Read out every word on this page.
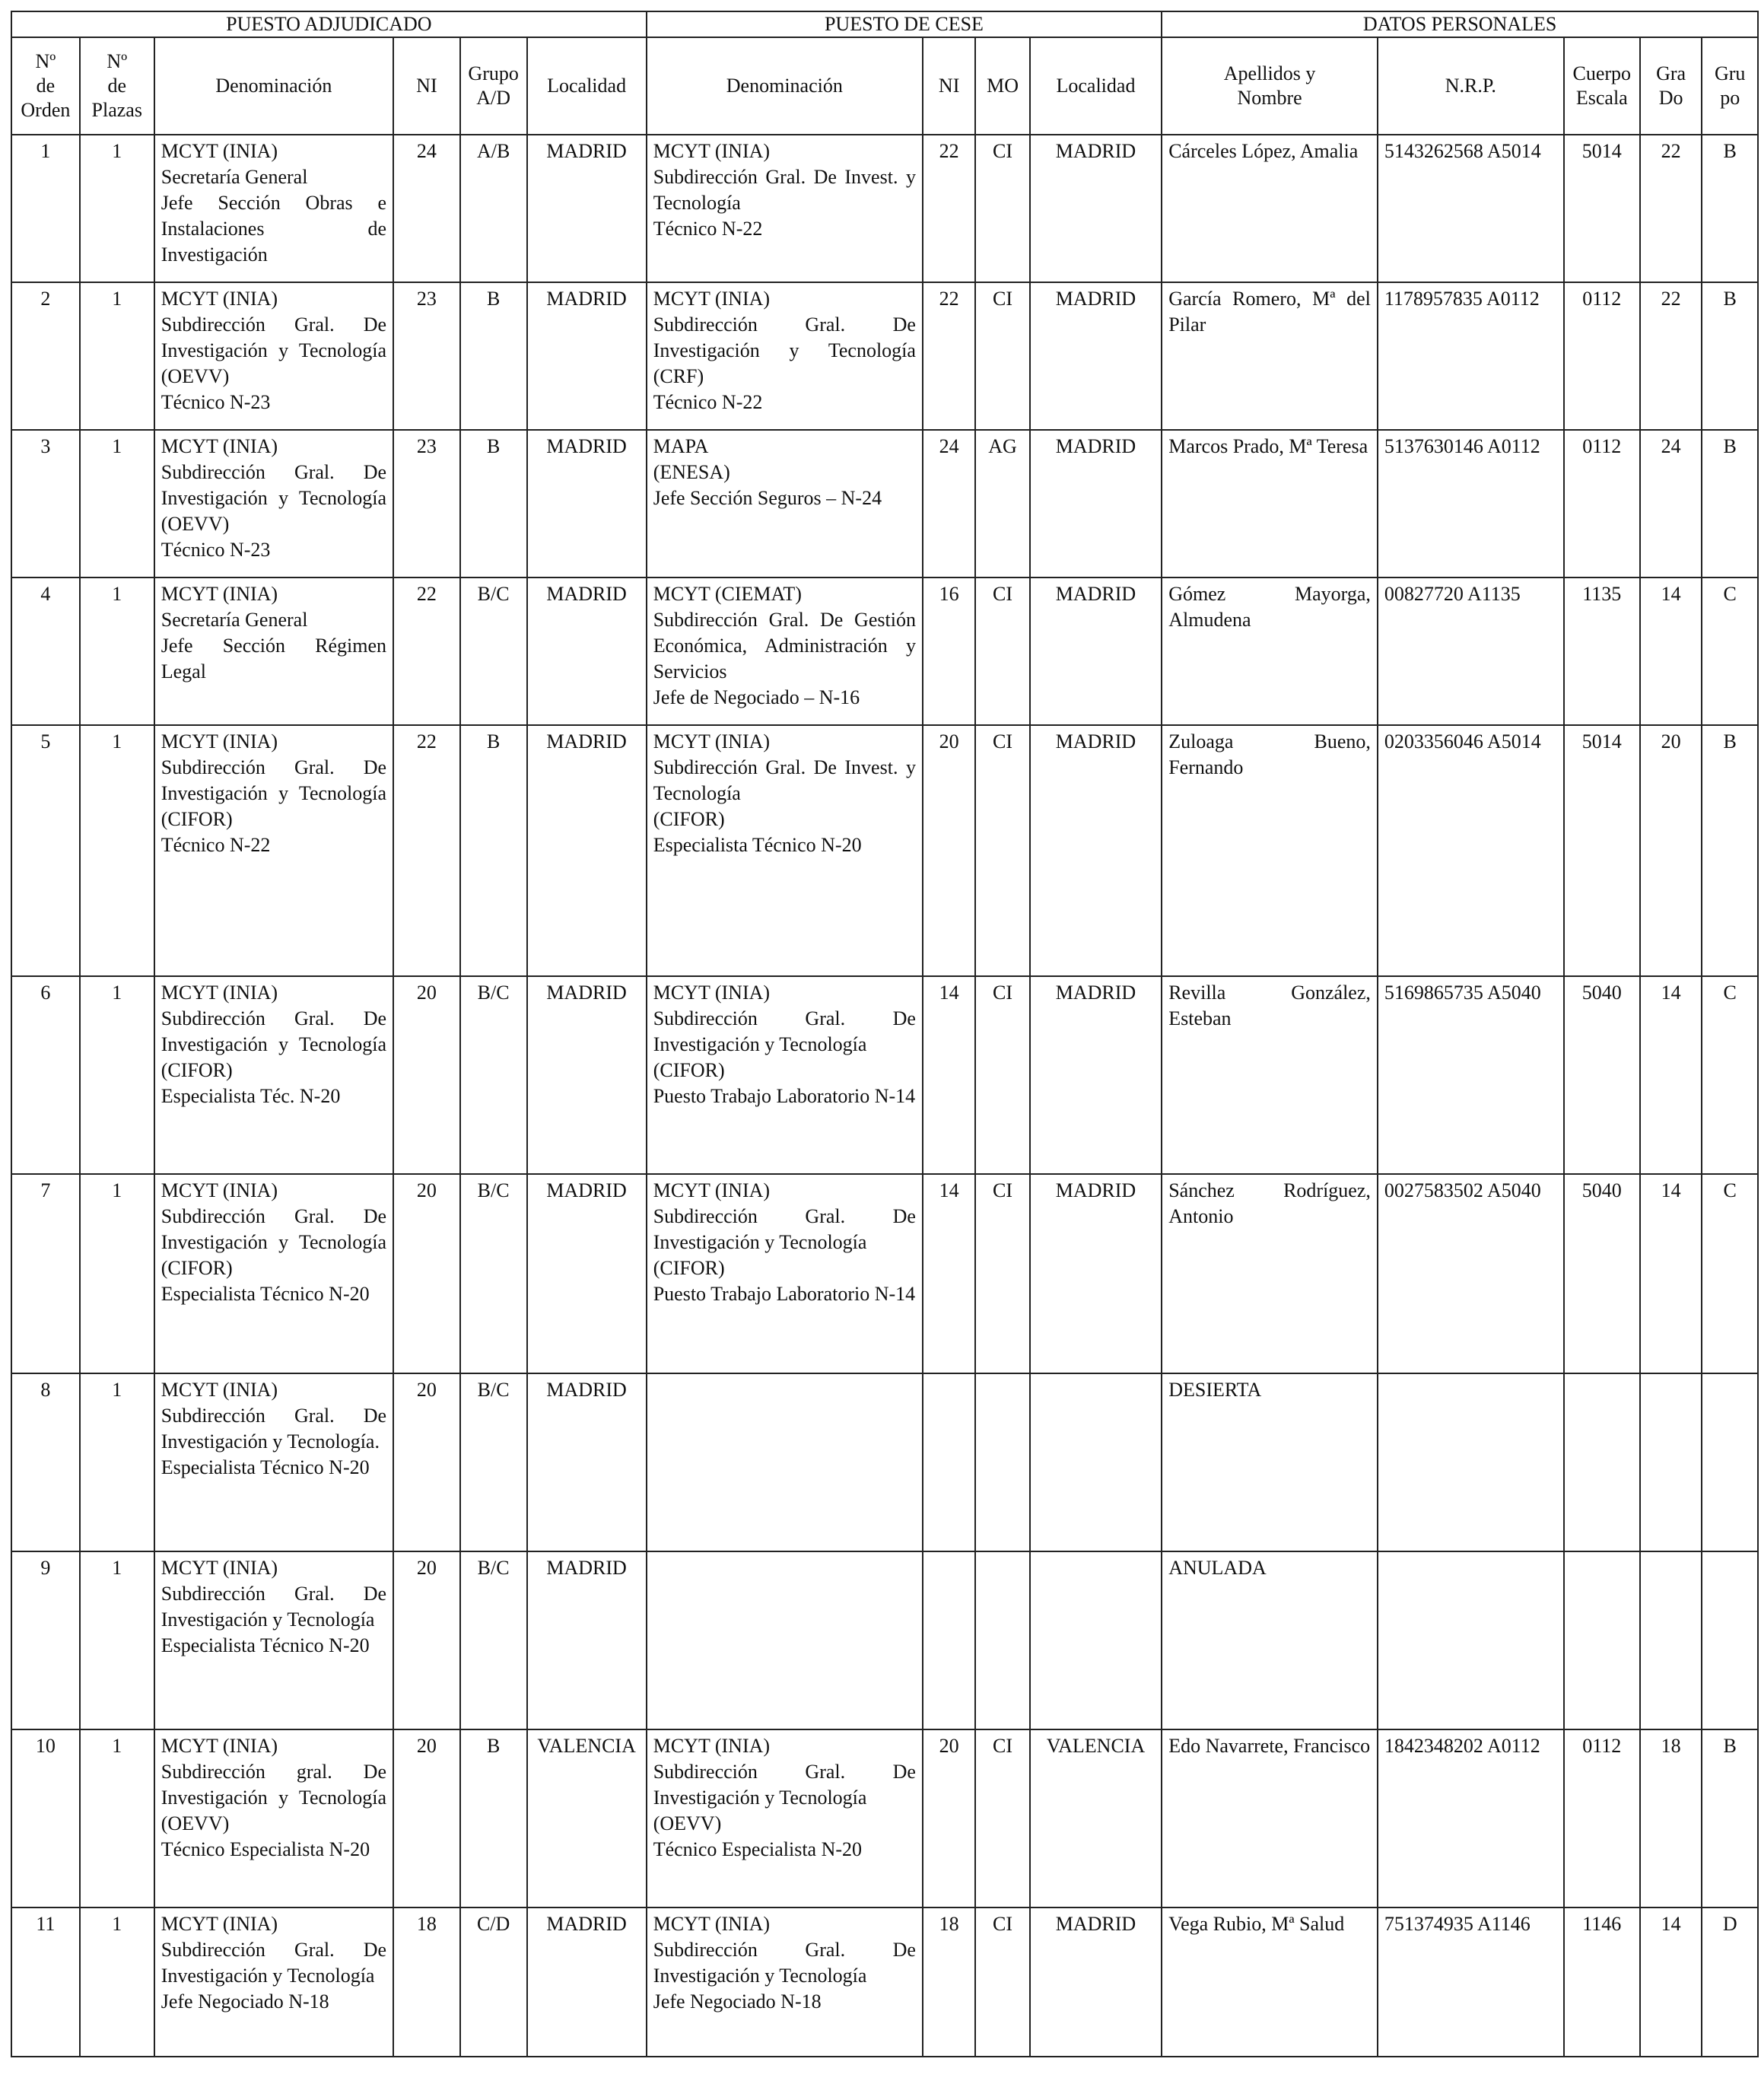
PUESTO ADJUDICADO						PUESTO DE CESE				DATOS PERSONALES				
Nº
de
Orden	Nº
de
Plazas	Denominación	NI	Grupo
A/D	Localidad	Denominación	NI	MO	Localidad	Apellidos y
Nombre	N.R.P.	Cuerpo
Escala	Gra
Do	Gru
po
1	1	MCYT (INIA)
Secretaría General
Jefe Sección Obras e Instalaciones de Investigación	24	A/B	MADRID	MCYT (INIA)
Subdirección Gral. De Invest. y Tecnología
Técnico N-22	22	CI	MADRID	Cárceles López, Amalia	5143262568 A5014	5014	22	B
2	1	MCYT (INIA)
Subdirección Gral. De Investigación y Tecnología (OEVV)
Técnico N-23	23	B	MADRID	MCYT (INIA)
Subdirección Gral. De Investigación y Tecnología (CRF)
Técnico N-22	22	CI	MADRID	García Romero, Mª del Pilar	1178957835 A0112	0112	22	B
3	1	MCYT (INIA)
Subdirección Gral. De Investigación y Tecnología (OEVV)
Técnico N-23	23	B	MADRID	MAPA
(ENESA)
Jefe Sección Seguros – N-24	24	AG	MADRID	Marcos Prado, Mª Teresa	5137630146 A0112	0112	24	B
4	1	MCYT (INIA)
Secretaría General
Jefe Sección Régimen Legal	22	B/C	MADRID	MCYT (CIEMAT)
Subdirección Gral. De Gestión Económica, Administración y Servicios
Jefe de Negociado – N-16	16	CI	MADRID	Gómez Mayorga, Almudena	00827720 A1135	1135	14	C
5	1	MCYT (INIA)
Subdirección Gral. De Investigación y Tecnología (CIFOR)
Técnico N-22	22	B	MADRID	MCYT (INIA)
Subdirección Gral. De Invest. y Tecnología
(CIFOR)
Especialista Técnico N-20	20	CI	MADRID	Zuloaga Bueno, Fernando	0203356046 A5014	5014	20	B
6	1	MCYT (INIA)
Subdirección Gral. De Investigación y Tecnología (CIFOR)
Especialista Téc. N-20	20	B/C	MADRID	MCYT (INIA)
Subdirección Gral. De Investigación y Tecnología
(CIFOR)
Puesto Trabajo Laboratorio N-14	14	CI	MADRID	Revilla González, Esteban	5169865735 A5040	5040	14	C
7	1	MCYT (INIA)
Subdirección Gral. De Investigación y Tecnología (CIFOR)
Especialista Técnico N-20	20	B/C	MADRID	MCYT (INIA)
Subdirección Gral. De Investigación y Tecnología
(CIFOR)
Puesto Trabajo Laboratorio N-14	14	CI	MADRID	Sánchez Rodríguez, Antonio	0027583502 A5040	5040	14	C
8	1	MCYT (INIA)
Subdirección Gral. De Investigación y Tecnología.
Especialista Técnico N-20	20	B/C	MADRID					DESIERTA				
9	1	MCYT (INIA)
Subdirección Gral. De Investigación y Tecnología
Especialista Técnico N-20	20	B/C	MADRID					ANULADA				
10	1	MCYT (INIA)
Subdirección gral. De Investigación y Tecnología (OEVV)
Técnico Especialista N-20	20	B	VALENCIA	MCYT (INIA)
Subdirección Gral. De Investigación y Tecnología
(OEVV)
Técnico Especialista N-20	20	CI	VALENCIA	Edo Navarrete, Francisco	1842348202 A0112	0112	18	B
11	1	MCYT (INIA)
Subdirección Gral. De Investigación y Tecnología
Jefe Negociado N-18	18	C/D	MADRID	MCYT (INIA)
Subdirección Gral. De Investigación y Tecnología
Jefe Negociado N-18	18	CI	MADRID	Vega Rubio, Mª Salud	751374935 A1146	1146	14	D
